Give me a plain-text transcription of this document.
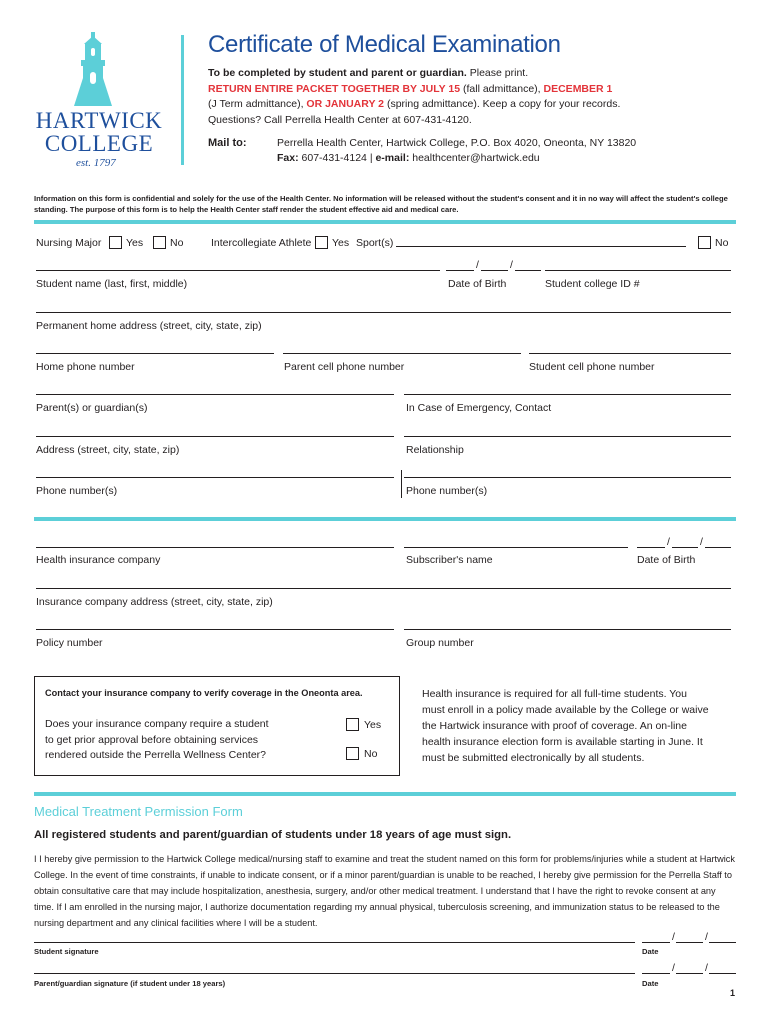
HARTWICK
COLLEGE
est. 1797
Certificate of Medical Examination
To be completed by student and parent or guardian. Please print.
RETURN ENTIRE PACKET TOGETHER BY JULY 15 (fall admittance), DECEMBER 1
(J Term admittance), OR JANUARY 2 (spring admittance). Keep a copy for your records.
Questions? Call Perrella Health Center at 607-431-4120.
Mail to:	Perrella Health Center, Hartwick College, P.O. Box 4020, Oneonta, NY 13820
Fax: 607-431-4124 | e-mail: healthcenter@hartwick.edu
Information on this form is confidential and solely for the use of the Health Center. No information will be released without the student's consent and it in no way will affect the student's college standing. The purpose of this form is to help the Health Center staff render the student effective aid and medical care.
Nursing Major Yes	No	Intercollegiate Athlete Yes Sport(s)	No
/	/
Student name (last, first, middle)	Date of Birth	Student college ID #
Permanent home address (street, city, state, zip)
Home phone number	Parent cell phone number	Student cell phone number
Parent(s) or guardian(s)	In Case of Emergency, Contact
Address (street, city, state, zip)	Relationship
Phone number(s)	Phone number(s)
/	/
Health insurance company	Subscriber's name	Date of Birth
Insurance company address (street, city, state, zip)
Policy number	Group number
Contact your insurance company to verify coverage in the Oneonta area.
Does your insurance company require a student
to get prior approval before obtaining services
rendered outside the Perrella Wellness Center?
Yes
No
Health insurance is required for all full-time students. You
must enroll in a policy made available by the College or waive
the Hartwick insurance with proof of coverage. An on-line
health insurance election form is available starting in June. It
must be submitted electronically by all students.
Medical Treatment Permission Form
All registered students and parent/guardian of students under 18 years of age must sign.
I I hereby give permission to the Hartwick College medical/nursing staff to examine and treat the student named on this form for problems/injuries while a student at Hartwick College. In the event of time constraints, if unable to indicate consent, or if a minor parent/guardian is unable to be reached, I hereby give permission for the Perrella Staff to obtain consultative care that may include hospitalization, anesthesia, surgery, and/or other medical treatment. I understand that I have the right to revoke consent at any time. If I am enrolled in the nursing major, I authorize documentation regarding my annual physical, tuberculosis screening, and immunization status to be released to the nursing department and any clinical facilities where I will be a student.
/	/
Student signature	Date
/	/
Parent/guardian signature (if student under 18 years)	Date
1
